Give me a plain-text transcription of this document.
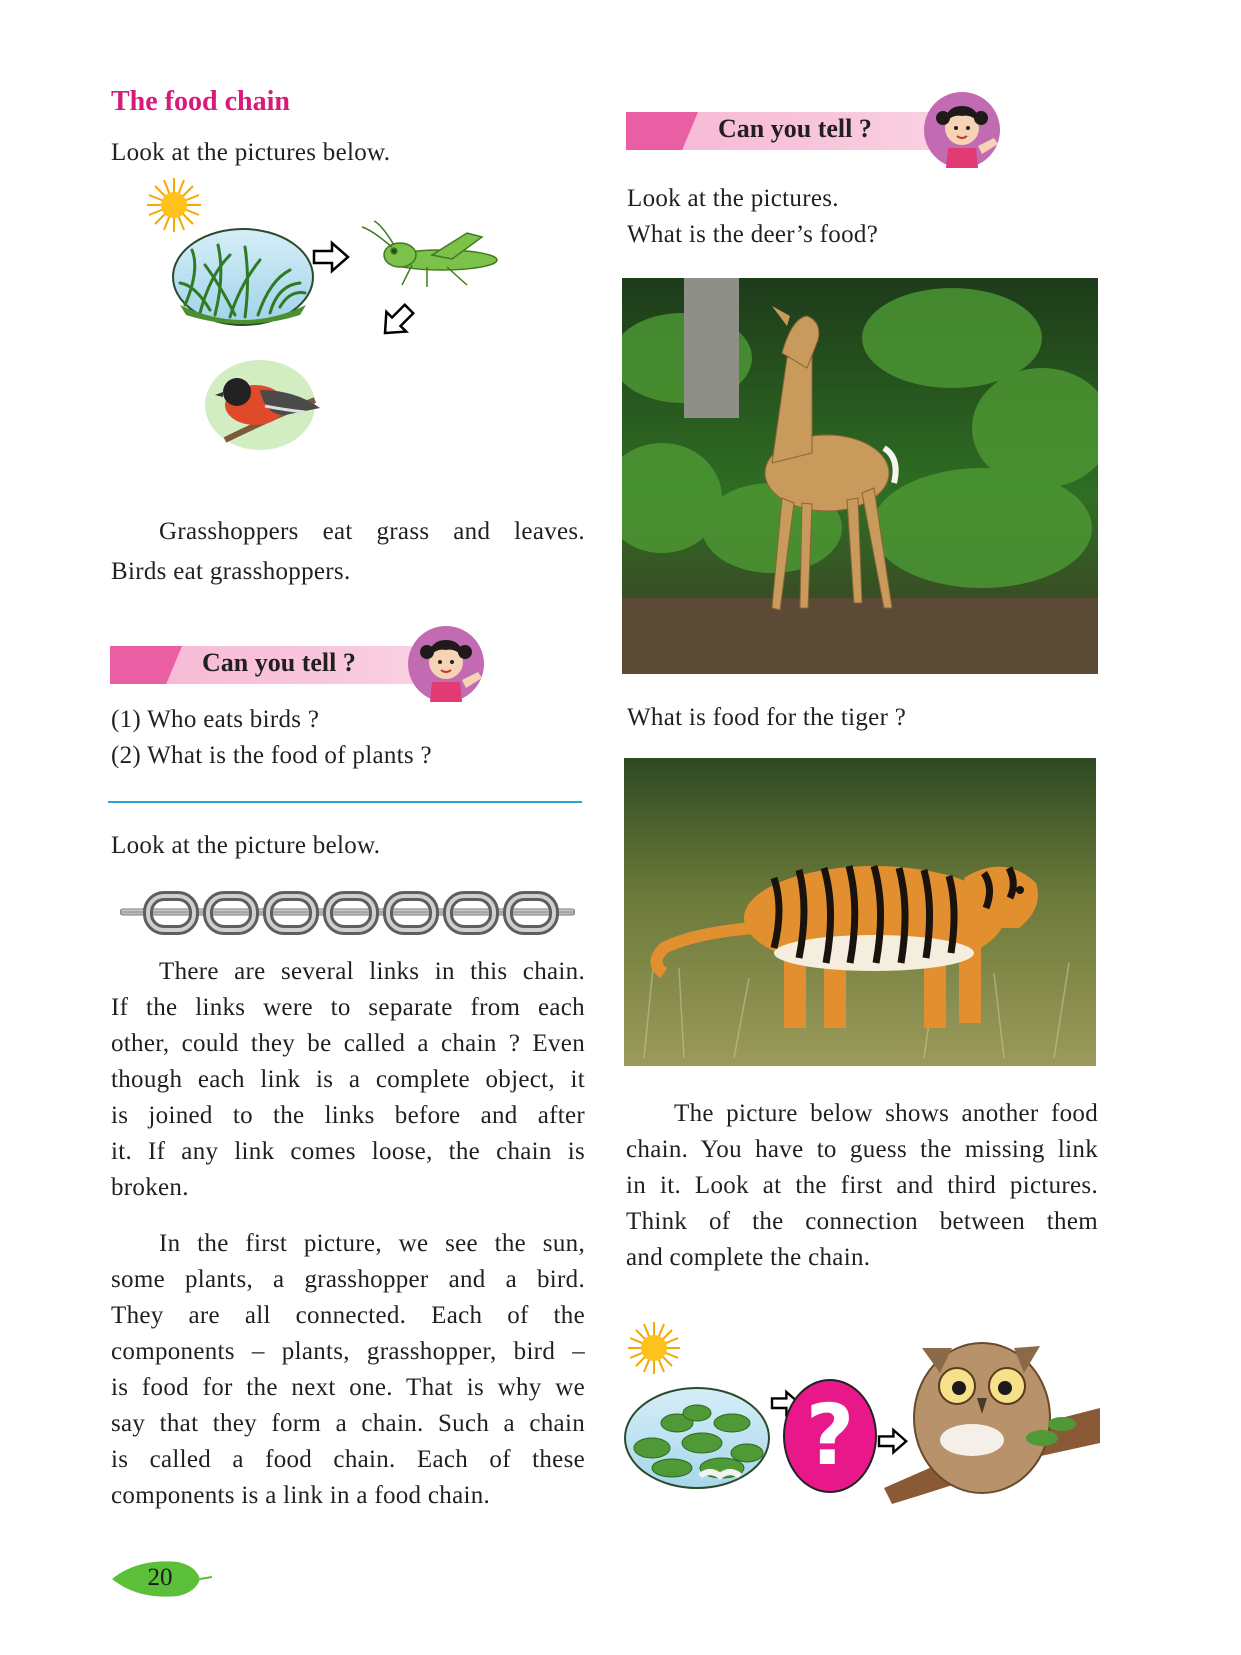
The food chain
Look at the pictures below.
Grasshoppers eat grass and leaves.
Birds eat grasshoppers.
Can you tell ?
(1) Who eats birds ?
(2) What is the food of plants ?
Look at the picture below.
There are several links in this chain.
If the links were to separate from each
other, could they be called a chain ? Even
though each link is a complete object, it
is joined to the links before and after
it. If any link comes loose, the chain is
broken.
In the first picture, we see the sun,
some plants, a grasshopper and a bird.
They are all connected. Each of the
components – plants, grasshopper, bird –
is food for the next one. That is why we
say that they form a chain. Such a chain
is called a food chain. Each of these
components is a link in a food chain.
20
Can you tell ?
Look at the pictures.
What is the deer’s food?
What is food for the tiger ?
The picture below shows another food
chain. You have to guess the missing link
in it. Look at the first and third pictures.
Think of the connection between them
and complete the chain.
?
